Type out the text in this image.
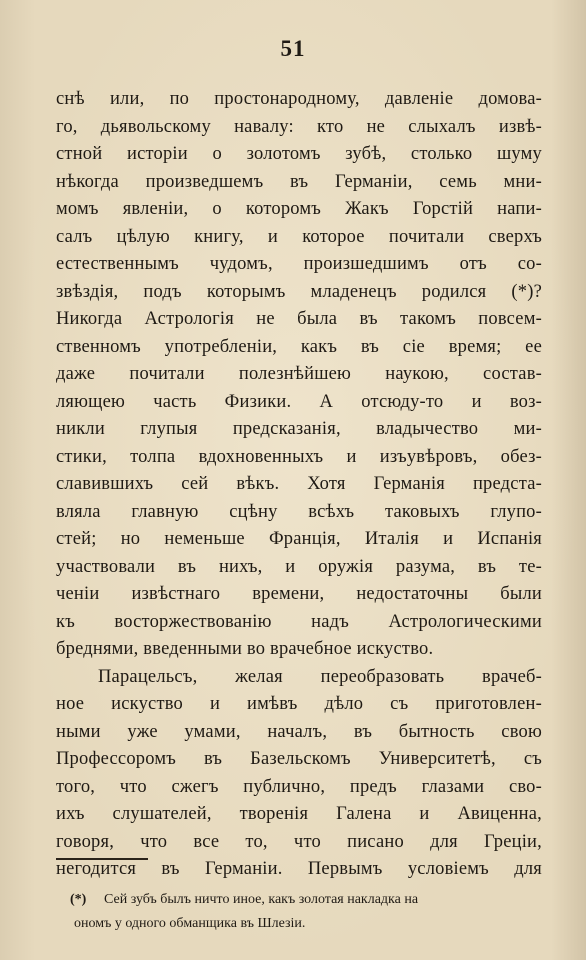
51
снѣ или, по простонародному, давленіе домова-
го, дьявольскому навалу: кто не слыхалъ извѣ-
стной исторіи о золотомъ зубѣ, столько шуму
нѣкогда произведшемъ въ Германіи, семь мни-
момъ явленіи, о которомъ Жакъ Горстій напи-
салъ цѣлую книгу, и которое почитали сверхъ
естественнымъ чудомъ, произшедшимъ отъ со-
звѣздія, подъ которымъ младенецъ родился (*)?
Никогда Астрологія не была въ такомъ повсем-
ственномъ употребленіи, какъ въ сіе время; ее
даже почитали полезнѣйшею наукою, состав-
ляющею часть Физики. А отсюду-то и воз-
никли глупыя предсказанія, владычество ми-
стики, толпа вдохновенныхъ и изъувѣровъ, обез-
славившихъ сей вѣкъ. Хотя Германія предста-
вляла главную сцѣну всѣхъ таковыхъ глупо-
стей; но неменьше Франція, Италія и Испанія
участвовали въ нихъ, и оружія разума, въ те-
ченіи извѣстнаго времени, недостаточны были
къ восторжествованію надъ Астрологическими
бреднями, введенными во врачебное искуство.
Парацельсъ, желая переобразовать врачеб-
ное искуство и имѣвъ дѣло съ приготовлен-
ными уже умами, началъ, въ бытность свою
Профессоромъ въ Базельскомъ Университетѣ, съ
того, что сжегъ публично, предъ глазами сво-
ихъ слушателей, творенія Галена и Авиценна,
говоря, что все то, что писано для Греціи,
негодится въ Германіи. Первымъ условіемъ для
(*) Сей зубъ былъ ничто иное, какъ золотая накладка на
ономъ у одного обманщика въ Шлезіи.
